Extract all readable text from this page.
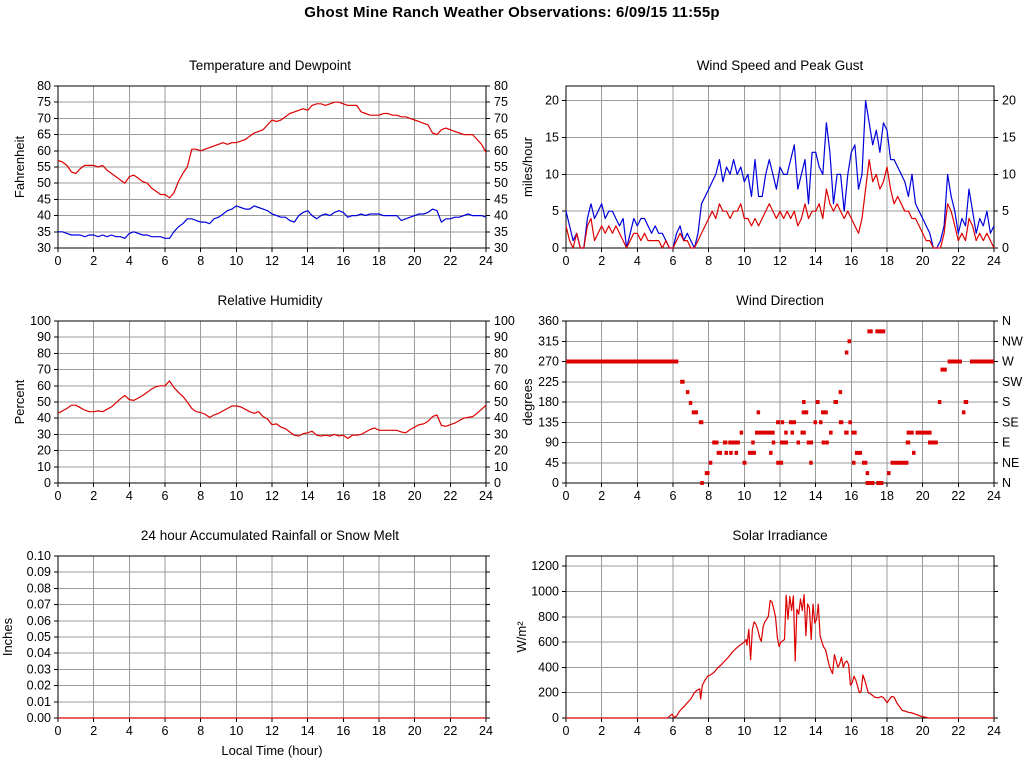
Ghost Mine Ranch Weather Observations: 6/09/15 11:55p
Temperature and Dewpoint
0 2 4 6 8 10 12 14 16 18 20 22 24
30	30
35	35
40	40
45	45
50	50
55	55
60	60
65	65
70	70
75	75
80	80
Fahrenheit
Wind Speed and Peak Gust
0 2 4 6 8 10 12 14 16 18 20 22 24
0	0
5	5
10	10
15	15
20	20
miles/hour
Relative Humidity
0 2 4 6 8 10 12 14 16 18 20 22 24
0	0
10	10
20	20
30	30
40	40
50	50
60	60
70	70
80	80
90	90
100	100
Percent
Wind Direction
0 2 4 6 8 10 12 14 16 18 20 22 24
0	N
45	NE
90	E
135	SE
180	S
225	SW
270	W
315	NW
360	N
degrees
24 hour Accumulated Rainfall or Snow Melt
0 2 4 6 8 10 12 14 16 18 20 22 24
0.00
0.01
0.02
0.03
0.04
0.05
0.06
0.07
0.08
0.09
0.10
Inches
Local Time (hour)
Solar Irradiance
0 2 4 6 8 10 12 14 16 18 20 22 24
0
200
400
600
800
1000
1200
W/m²
